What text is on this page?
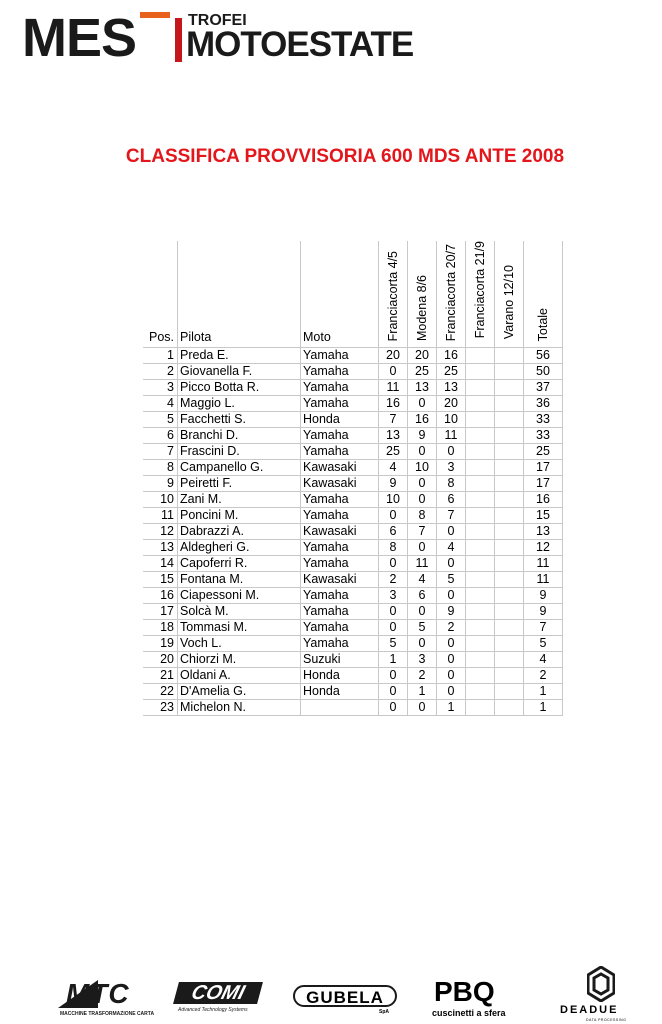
MES	TROFEI
MOTOESTATE
CLASSIFICA PROVVISORIA 600 MDS ANTE 2008
Pos.	Pilota	Moto	Franciacorta 4/5	Modena 8/6	Franciacorta 20/7	Franciacorta 21/9	Varano 12/10	Totale
1	Preda E.	Yamaha	20	20	16			56
2	Giovanella F.	Yamaha	0	25	25			50
3	Picco Botta R.	Yamaha	11	13	13			37
4	Maggio L.	Yamaha	16	0	20			36
5	Facchetti S.	Honda	7	16	10			33
6	Branchi D.	Yamaha	13	9	11			33
7	Frascini D.	Yamaha	25	0	0			25
8	Campanello G.	Kawasaki	4	10	3			17
9	Peiretti F.	Kawasaki	9	0	8			17
10	Zani M.	Yamaha	10	0	6			16
11	Poncini M.	Yamaha	0	8	7			15
12	Dabrazzi A.	Kawasaki	6	7	0			13
13	Aldegheri G.	Yamaha	8	0	4			12
14	Capoferri R.	Yamaha	0	11	0			11
15	Fontana M.	Kawasaki	2	4	5			11
16	Ciapessoni M.	Yamaha	3	6	0			9
17	Solcà M.	Yamaha	0	0	9			9
18	Tommasi M.	Yamaha	0	5	2			7
19	Voch L.	Yamaha	5	0	0			5
20	Chiorzi M.	Suzuki	1	3	0			4
21	Oldani A.	Honda	0	2	0			2
22	D'Amelia G.	Honda	0	1	0			1
23	Michelon N.		0	0	1			1
MTC
MACCHINE TRASFORMAZIONE CARTA
COMI
Advanced Technology Systems
GUBELA
SpA
PBQ
cuscinetti a sfera	DEADUE
DATA PROCESSING
